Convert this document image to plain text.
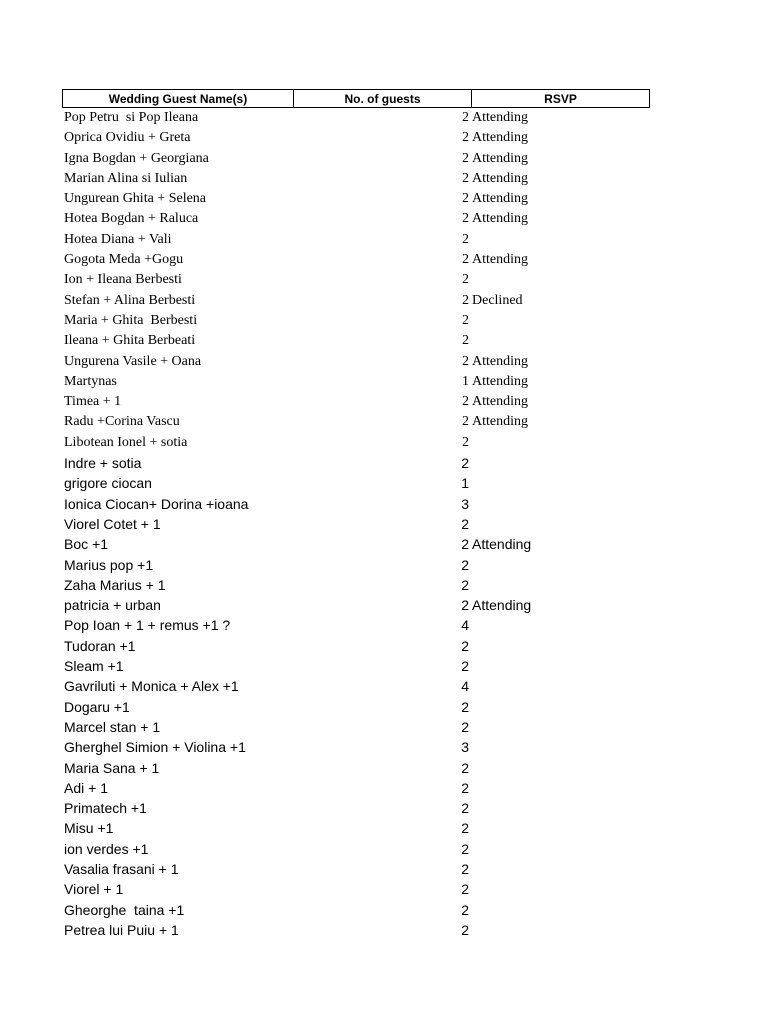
Wedding Guest Name(s)	No. of guests	RSVP
Pop Petru  si Pop Ileana	2 Attending
Oprica Ovidiu + Greta	2 Attending
Igna Bogdan + Georgiana	2 Attending
Marian Alina si Iulian	2 Attending
Ungurean Ghita + Selena	2 Attending
Hotea Bogdan + Raluca	2 Attending
Hotea Diana + Vali	2
Gogota Meda +Gogu	2 Attending
Ion + Ileana Berbesti	2
Stefan + Alina Berbesti	2 Declined
Maria + Ghita  Berbesti	2
Ileana + Ghita Berbeati	2
Ungurena Vasile + Oana	2 Attending
Martynas	1 Attending
Timea + 1	2 Attending
Radu +Corina Vascu	2 Attending
Libotean Ionel + sotia	2
Indre + sotia	2
grigore ciocan	1
Ionica Ciocan+ Dorina +ioana	3
Viorel Cotet + 1	2
Boc +1	2 Attending
Marius pop +1	2
Zaha Marius + 1	2
patricia + urban	2 Attending
Pop Ioan + 1 + remus +1 ?	4
Tudoran +1	2
Sleam +1	2
Gavriluti + Monica + Alex +1	4
Dogaru +1	2
Marcel stan + 1	2
Gherghel Simion + Violina +1	3
Maria Sana + 1	2
Adi + 1	2
Primatech +1	2
Misu +1	2
ion verdes +1	2
Vasalia frasani + 1	2
Viorel + 1	2
Gheorghe  taina +1	2
Petrea lui Puiu + 1	2
